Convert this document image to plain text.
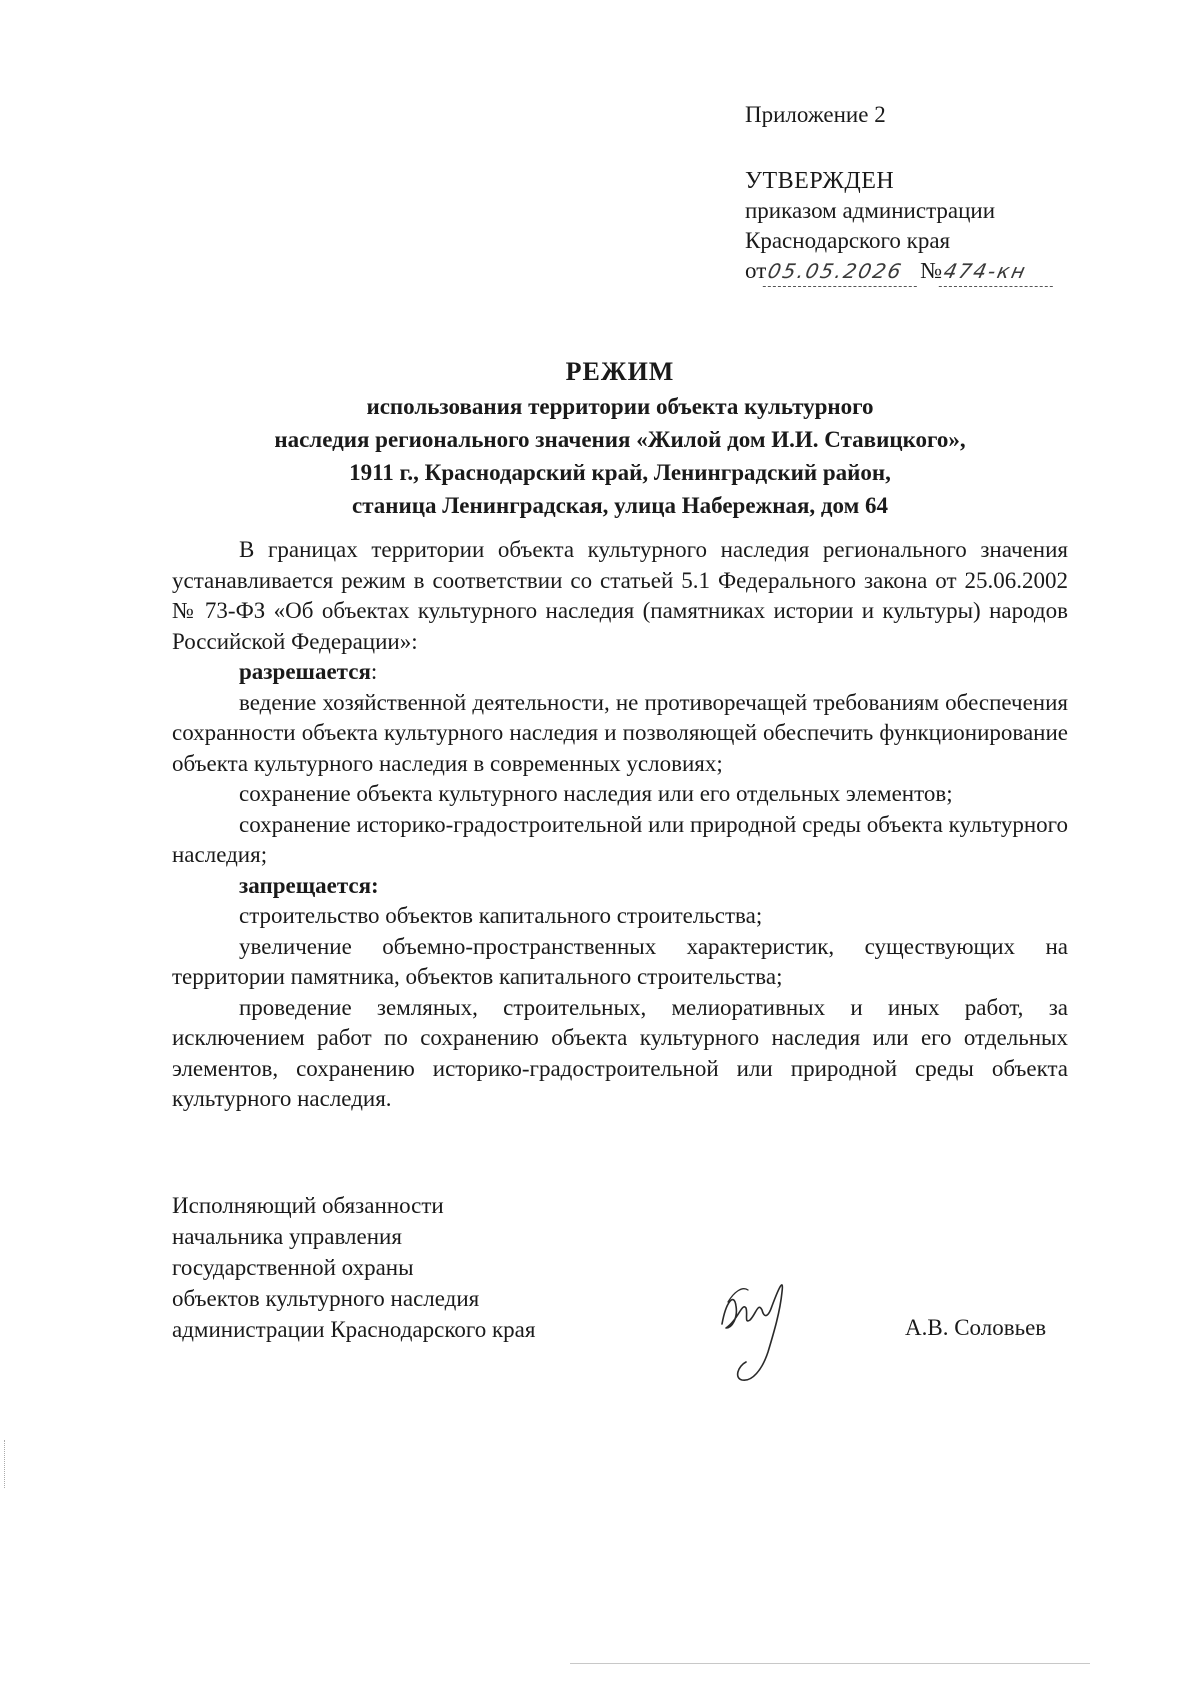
Приложение 2
УТВЕРЖДЕН
приказом администрации
Краснодарского края
от05.05.2026 №474-кн
РЕЖИМ
использования территории объекта культурного
наследия регионального значения «Жилой дом И.И. Ставицкого»,
1911 г., Краснодарский край, Ленинградский район,
станица Ленинградская, улица Набережная, дом 64

В границах территории объекта культурного наследия регионального значения устанавливается режим в соответствии со статьей 5.1 Федерального закона от 25.06.2002 № 73-ФЗ «Об объектах культурного наследия (памятниках истории и культуры) народов Российской Федерации»:

разрешается:

ведение хозяйственной деятельности, не противоречащей требованиям обеспечения сохранности объекта культурного наследия и позволяющей обеспечить функционирование объекта культурного наследия в современных условиях;

сохранение объекта культурного наследия или его отдельных элементов;

сохранение историко-градостроительной или природной среды объекта культурного наследия;

запрещается:

строительство объектов капитального строительства;

увеличение объемно-пространственных характеристик, существующих на территории памятника, объектов капитального строительства;

проведение земляных, строительных, мелиоративных и иных работ, за исключением работ по сохранению объекта культурного наследия или его отдельных элементов, сохранению историко-градостроительной или природной среды объекта культурного наследия.

Исполняющий обязанности
начальника управления
государственной охраны
объектов культурного наследия
администрации Краснодарского края	А.В. Соловьев
